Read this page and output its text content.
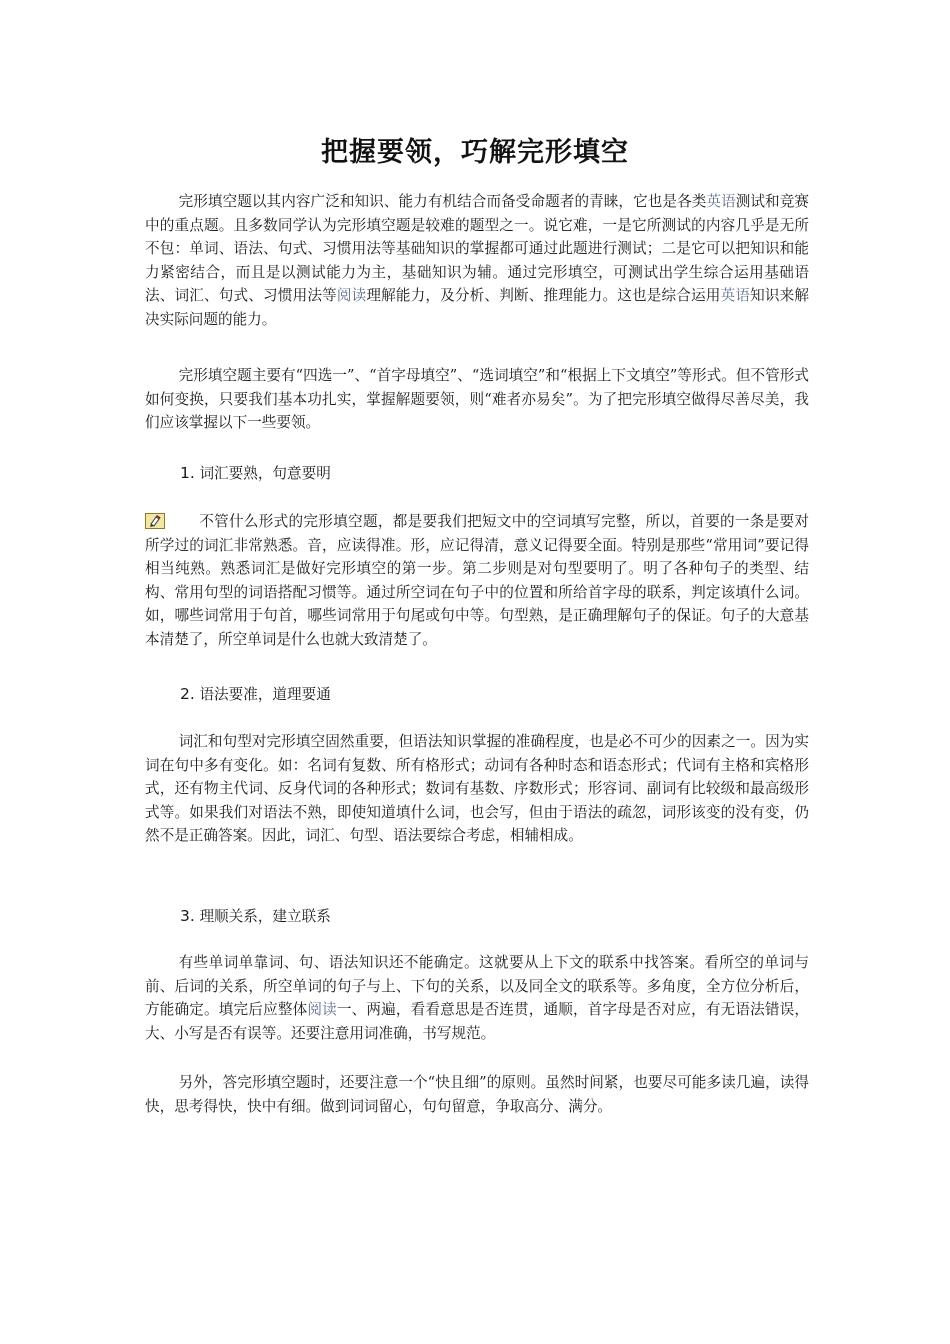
把握要领，巧解完形填空
完形填空题以其内容广泛和知识、能力有机结合而备受命题者的青睐，它也是各类英语测试和竞赛中的重点题。且多数同学认为完形填空题是较难的题型之一。说它难，一是它所测试的内容几乎是无所不包：单词、语法、句式、习惯用法等基础知识的掌握都可通过此题进行测试；二是它可以把知识和能力紧密结合，而且是以测试能力为主，基础知识为辅。通过完形填空，可测试出学生综合运用基础语法、词汇、句式、习惯用法等阅读理解能力，及分析、判断、推理能力。这也是综合运用英语知识来解决实际问题的能力。
完形填空题主要有“四选一”、“首字母填空”、“选词填空”和“根据上下文填空”等形式。但不管形式如何变换，只要我们基本功扎实，掌握解题要领，则“难者亦易矣”。为了把完形填空做得尽善尽美，我们应该掌握以下一些要领。
1. 词汇要熟，句意要明
不管什么形式的完形填空题，都是要我们把短文中的空词填写完整，所以，首要的一条是要对所学过的词汇非常熟悉。音，应读得准。形，应记得清，意义记得要全面。特别是那些“常用词”要记得相当纯熟。熟悉词汇是做好完形填空的第一步。第二步则是对句型要明了。明了各种句子的类型、结构、常用句型的词语搭配习惯等。通过所空词在句子中的位置和所给首字母的联系，判定该填什么词。如，哪些词常用于句首，哪些词常用于句尾或句中等。句型熟，是正确理解句子的保证。句子的大意基本清楚了，所空单词是什么也就大致清楚了。
2. 语法要准，道理要通
词汇和句型对完形填空固然重要，但语法知识掌握的准确程度，也是必不可少的因素之一。因为实词在句中多有变化。如：名词有复数、所有格形式；动词有各种时态和语态形式；代词有主格和宾格形式，还有物主代词、反身代词的各种形式；数词有基数、序数形式；形容词、副词有比较级和最高级形式等。如果我们对语法不熟，即使知道填什么词，也会写，但由于语法的疏忽，词形该变的没有变，仍然不是正确答案。因此，词汇、句型、语法要综合考虑，相辅相成。
3. 理顺关系，建立联系
有些单词单靠词、句、语法知识还不能确定。这就要从上下文的联系中找答案。看所空的单词与前、后词的关系，所空单词的句子与上、下句的关系，以及同全文的联系等。多角度，全方位分析后，方能确定。填完后应整体阅读一、两遍，看看意思是否连贯，通顺，首字母是否对应，有无语法错误，大、小写是否有误等。还要注意用词准确，书写规范。
另外，答完形填空题时，还要注意一个“快且细”的原则。虽然时间紧，也要尽可能多读几遍，读得快，思考得快，快中有细。做到词词留心，句句留意，争取高分、满分。
